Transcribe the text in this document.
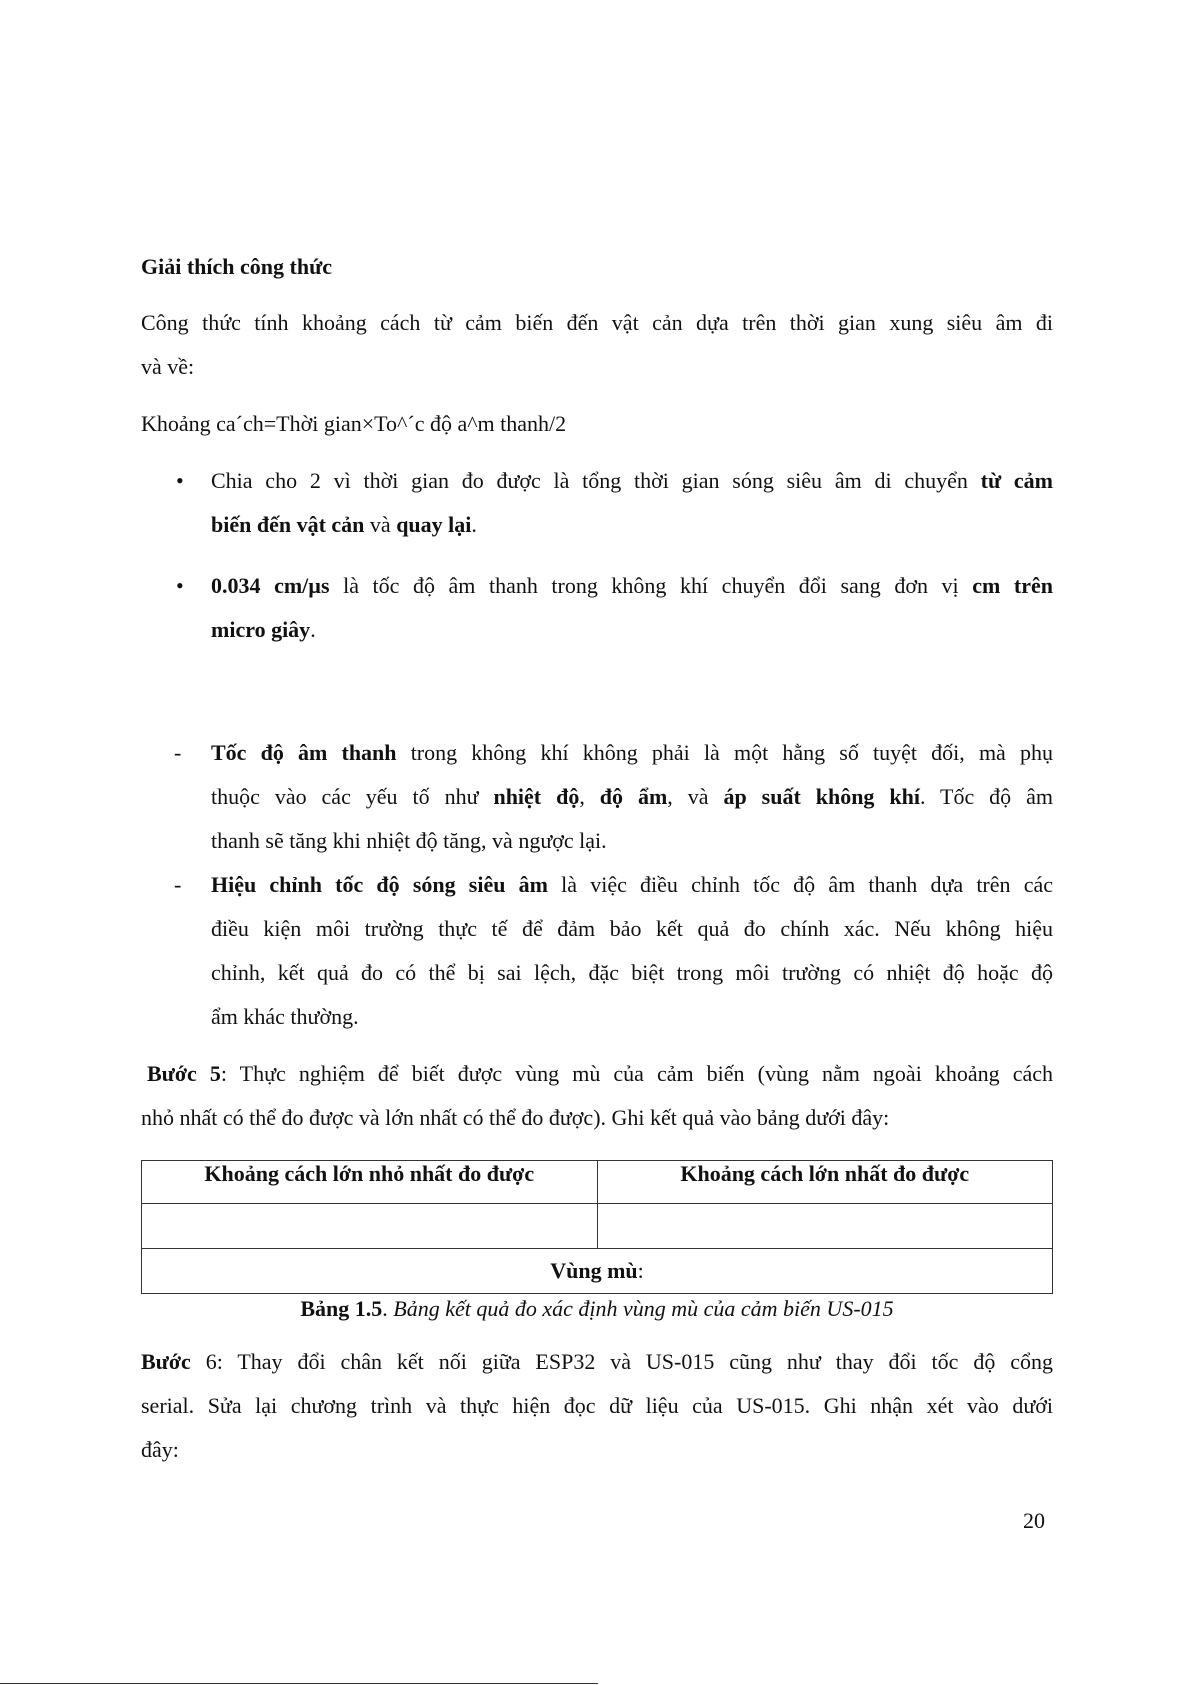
Giải thích công thức
Công thức tính khoảng cách từ cảm biến đến vật cản dựa trên thời gian xung siêu âm đi
và về:
Khoảng ca´ch=Thời gian×To^´c độ a^m thanh/2
• Chia cho 2 vì thời gian đo được là tổng thời gian sóng siêu âm di chuyển từ cảm
biến đến vật cản và quay lại.
• 0.034 cm/µs là tốc độ âm thanh trong không khí chuyển đổi sang đơn vị cm trên
micro giây.
- Tốc độ âm thanh trong không khí không phải là một hằng số tuyệt đối, mà phụ
thuộc vào các yếu tố như nhiệt độ, độ ẩm, và áp suất không khí. Tốc độ âm
thanh sẽ tăng khi nhiệt độ tăng, và ngược lại.
- Hiệu chỉnh tốc độ sóng siêu âm là việc điều chỉnh tốc độ âm thanh dựa trên các
điều kiện môi trường thực tế để đảm bảo kết quả đo chính xác. Nếu không hiệu
chỉnh, kết quả đo có thể bị sai lệch, đặc biệt trong môi trường có nhiệt độ hoặc độ
ẩm khác thường.
Bước 5: Thực nghiệm để biết được vùng mù của cảm biến (vùng nằm ngoài khoảng cách
nhỏ nhất có thể đo được và lớn nhất có thể đo được). Ghi kết quả vào bảng dưới đây:
Khoảng cách lớn nhỏ nhất đo được	Khoảng cách lớn nhất đo được

Vùng mù:	
Bảng 1.5. Bảng kết quả đo xác định vùng mù của cảm biến US-015
Bước 6: Thay đổi chân kết nối giữa ESP32 và US-015 cũng như thay đổi tốc độ cổng
serial. Sửa lại chương trình và thực hiện đọc dữ liệu của US-015. Ghi nhận xét vào dưới
đây:
20
